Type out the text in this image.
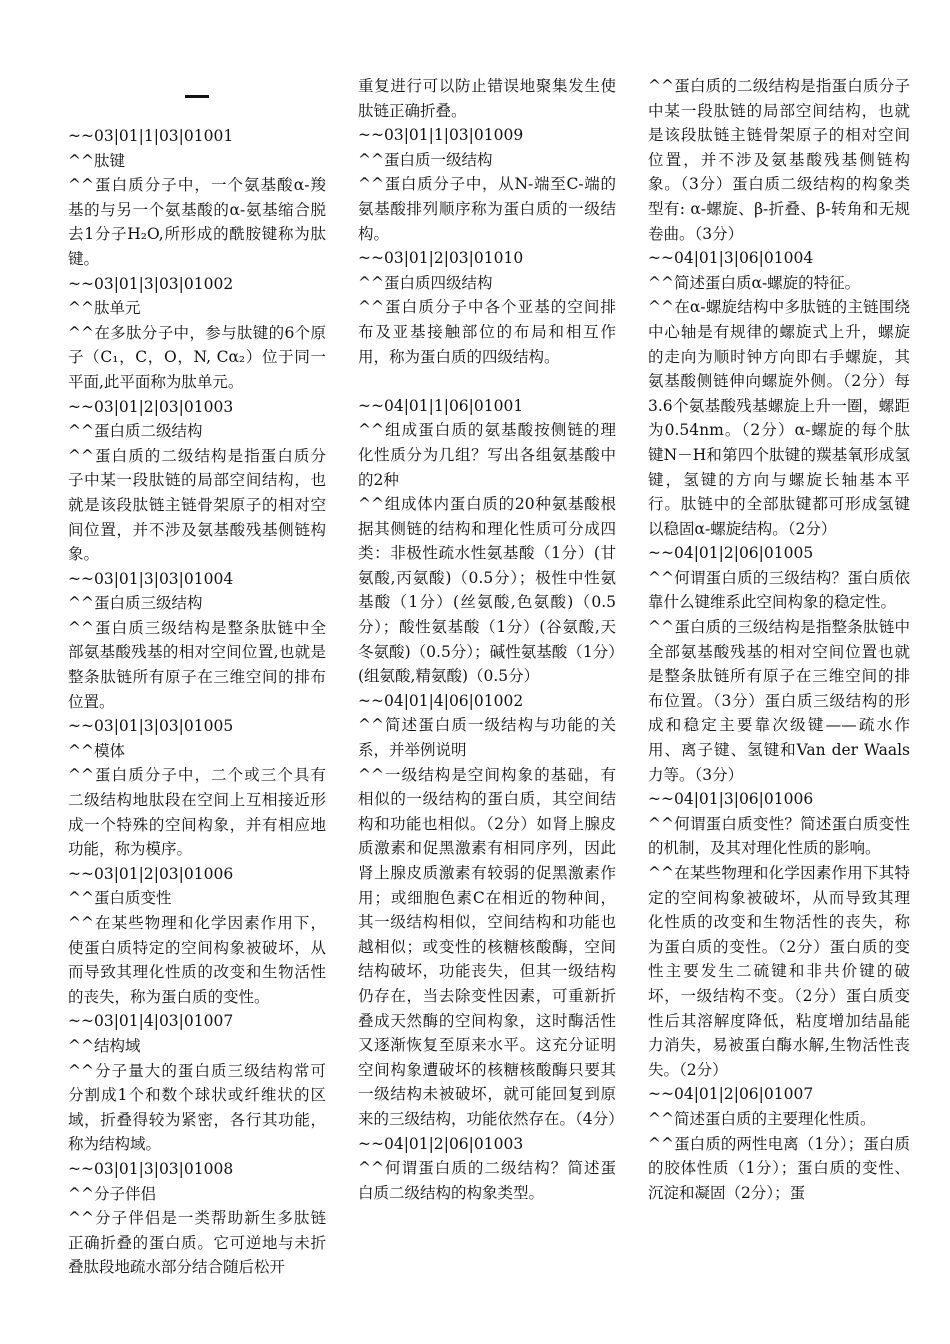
~~03|01|1|03|01001
^^肽键
^^蛋白质分子中，一个氨基酸α-羧基的与另一个氨基酸的α-氨基缩合脱去1分子H₂O,所形成的酰胺键称为肽键。
~~03|01|3|03|01002
^^肽单元
^^在多肽分子中，参与肽键的6个原子（C₁，C，O，N, Cα₂）位于同一平面,此平面称为肽单元。
~~03|01|2|03|01003
^^蛋白质二级结构
^^蛋白质的二级结构是指蛋白质分子中某一段肽链的局部空间结构，也就是该段肽链主链骨架原子的相对空间位置，并不涉及氨基酸残基侧链构象。
~~03|01|3|03|01004
^^蛋白质三级结构
^^蛋白质三级结构是整条肽链中全部氨基酸残基的相对空间位置,也就是整条肽链所有原子在三维空间的排布位置。
~~03|01|3|03|01005
^^模体
^^蛋白质分子中，二个或三个具有二级结构地肽段在空间上互相接近形成一个特殊的空间构象，并有相应地功能，称为模序。
~~03|01|2|03|01006
^^蛋白质变性
^^在某些物理和化学因素作用下，使蛋白质特定的空间构象被破坏，从而导致其理化性质的改变和生物活性的丧失，称为蛋白质的变性。
~~03|01|4|03|01007
^^结构域
^^分子量大的蛋白质三级结构常可分割成1个和数个球状或纤维状的区域，折叠得较为紧密，各行其功能，称为结构域。
~~03|01|3|03|01008
^^分子伴侣
^^分子伴侣是一类帮助新生多肽链正确折叠的蛋白质。它可逆地与未折叠肽段地疏水部分结合随后松开
重复进行可以防止错误地聚集发生使肽链正确折叠。
~~03|01|1|03|01009
^^蛋白质一级结构
^^蛋白质分子中，从N-端至C-端的氨基酸排列顺序称为蛋白质的一级结构。
~~03|01|2|03|01010
^^蛋白质四级结构
^^蛋白质分子中各个亚基的空间排布及亚基接触部位的布局和相互作用，称为蛋白质的四级结构。
~~04|01|1|06|01001
^^组成蛋白质的氨基酸按侧链的理化性质分为几组？写出各组氨基酸中的2种
^^组成体内蛋白质的20种氨基酸根据其侧链的结构和理化性质可分成四类：非极性疏水性氨基酸（1分）(甘氨酸,丙氨酸)（0.5分）；极性中性氨基酸（1分）(丝氨酸,色氨酸)（0.5分）；酸性氨基酸（1分）(谷氨酸,天冬氨酸)（0.5分）；碱性氨基酸（1分）(组氨酸,精氨酸)（0.5分）
~~04|01|4|06|01002
^^简述蛋白质一级结构与功能的关系，并举例说明
^^一级结构是空间构象的基础，有相似的一级结构的蛋白质，其空间结构和功能也相似。（2分）如肾上腺皮质激素和促黑激素有相同序列，因此肾上腺皮质激素有较弱的促黑激素作用；或细胞色素C在相近的物种间，其一级结构相似，空间结构和功能也越相似；或变性的核糖核酸酶，空间结构破坏，功能丧失，但其一级结构仍存在，当去除变性因素，可重新折叠成天然酶的空间构象，这时酶活性又逐渐恢复至原来水平。这充分证明空间构象遭破坏的核糖核酸酶只要其一级结构未被破坏，就可能回复到原来的三级结构，功能依然存在。（4分）
~~04|01|2|06|01003
^^何谓蛋白质的二级结构？简述蛋白质二级结构的构象类型。
^^蛋白质的二级结构是指蛋白质分子中某一段肽链的局部空间结构，也就是该段肽链主链骨架原子的相对空间位置，并不涉及氨基酸残基侧链构象。（3分）蛋白质二级结构的构象类型有: α-螺旋、β-折叠、β-转角和无规卷曲。（3分）
~~04|01|3|06|01004
^^简述蛋白质α-螺旋的特征。
^^在α-螺旋结构中多肽链的主链围绕中心轴是有规律的螺旋式上升，螺旋的走向为顺时钟方向即右手螺旋，其氨基酸侧链伸向螺旋外侧。（2分）每3.6个氨基酸残基螺旋上升一圈，螺距为0.54nm。（2分）α-螺旋的每个肽键N－H和第四个肽键的羰基氧形成氢键，氢键的方向与螺旋长轴基本平行。肽链中的全部肽键都可形成氢键以稳固α-螺旋结构。（2分）
~~04|01|2|06|01005
^^何谓蛋白质的三级结构？蛋白质依靠什么键维系此空间构象的稳定性。
^^蛋白质的三级结构是指整条肽链中全部氨基酸残基的相对空间位置也就是整条肽链所有原子在三维空间的排布位置。（3分）蛋白质三级结构的形成和稳定主要靠次级键——疏水作用、离子键、氢键和Van der Waals力等。（3分）
~~04|01|3|06|01006
^^何谓蛋白质变性？简述蛋白质变性的机制，及其对理化性质的影响。
^^在某些物理和化学因素作用下其特定的空间构象被破坏，从而导致其理化性质的改变和生物活性的丧失，称为蛋白质的变性。（2分）蛋白质的变性主要发生二硫键和非共价键的破坏，一级结构不变。（2分）蛋白质变性后其溶解度降低，粘度增加结晶能力消失，易被蛋白酶水解,生物活性丧失。（2分）
~~04|01|2|06|01007
^^简述蛋白质的主要理化性质。
^^蛋白质的两性电离（1分）；蛋白质的胶体性质（1分）；蛋白质的变性、沉淀和凝固（2分）；蛋
